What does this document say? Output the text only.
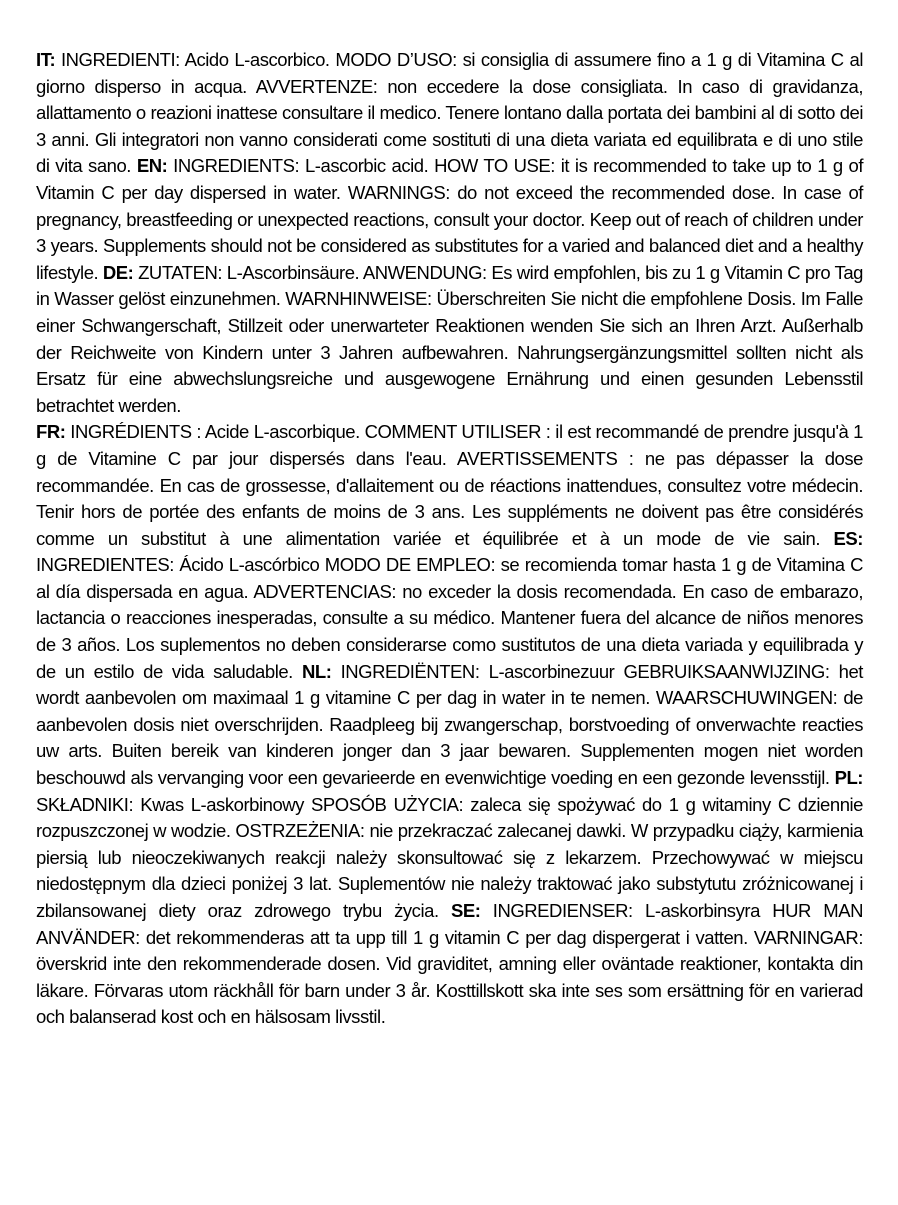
IT: INGREDIENTI: Acido L-ascorbico. MODO D’USO: si consiglia di assumere fino a 1 g di Vitamina C al giorno disperso in acqua. AVVERTENZE: non eccedere la dose consigliata. In caso di gravidanza, allattamento o reazioni inattese consultare il medico. Tenere lontano dalla portata dei bambini al di sotto dei 3 anni. Gli integratori non vanno considerati come sostituti di una dieta variata ed equilibrata e di uno stile di vita sano. EN: INGREDIENTS: L-ascorbic acid. HOW TO USE: it is recommended to take up to 1 g of Vitamin C per day dispersed in water. WARNINGS: do not exceed the recommended dose. In case of pregnancy, breastfeeding or unexpected reactions, consult your doctor. Keep out of reach of children under 3 years. Supplements should not be considered as substitutes for a varied and balanced diet and a healthy lifestyle. DE: ZUTATEN: L-Ascorbinsäure. ANWENDUNG: Es wird empfohlen, bis zu 1 g Vitamin C pro Tag in Wasser gelöst einzunehmen. WARNHINWEISE: Überschreiten Sie nicht die empfohlene Dosis. Im Falle einer Schwangerschaft, Stillzeit oder unerwarteter Reaktionen wenden Sie sich an Ihren Arzt. Außerhalb der Reichweite von Kindern unter 3 Jahren aufbewahren. Nahrungsergänzungsmittel sollten nicht als Ersatz für eine abwechslungsreiche und ausgewogene Ernährung und einen gesunden Lebensstil betrachtet werden.

FR: INGRÉDIENTS : Acide L-ascorbique. COMMENT UTILISER : il est recommandé de prendre jusqu'à 1 g de Vitamine C par jour dispersés dans l'eau. AVERTISSEMENTS : ne pas dépasser la dose recommandée. En cas de grossesse, d'allaitement ou de réactions inattendues, consultez votre médecin. Tenir hors de portée des enfants de moins de 3 ans. Les suppléments ne doivent pas être considérés comme un substitut à une alimentation variée et équilibrée et à un mode de vie sain. ES: INGREDIENTES: Ácido L-ascórbico MODO DE EMPLEO: se recomienda tomar hasta 1 g de Vitamina C al día dispersada en agua. ADVERTENCIAS: no exceder la dosis recomendada. En caso de embarazo, lactancia o reacciones inesperadas, consulte a su médico. Mantener fuera del alcance de niños menores de 3 años. Los suplementos no deben considerarse como sustitutos de una dieta variada y equilibrada y de un estilo de vida saludable. NL: INGREDIËNTEN: L-ascorbinezuur GEBRUIKSAANWIJZING: het wordt aanbevolen om maximaal 1 g vitamine C per dag in water in te nemen. WAARSCHUWINGEN: de aanbevolen dosis niet overschrijden. Raadpleeg bij zwangerschap, borstvoeding of onverwachte reacties uw arts. Buiten bereik van kinderen jonger dan 3 jaar bewaren. Supplementen mogen niet worden beschouwd als vervanging voor een gevarieerde en evenwichtige voeding en een gezonde levensstijl. PL: SKŁADNIKI: Kwas L-askorbinowy SPOSÓB UŻYCIA: zaleca się spożywać do 1 g witaminy C dziennie rozpuszczonej w wodzie. OSTRZEŻENIA: nie przekraczać zalecanej dawki. W przypadku ciąży, karmienia piersią lub nieoczekiwanych reakcji należy skonsultować się z lekarzem. Przechowywać w miejscu niedostępnym dla dzieci poniżej 3 lat. Suplementów nie należy traktować jako substytutu zróżnicowanej i zbilansowanej diety oraz zdrowego trybu życia. SE: INGREDIENSER: L-askorbinsyra HUR MAN ANVÄNDER: det rekommenderas att ta upp till 1 g vitamin C per dag dispergerat i vatten. VARNINGAR: överskrid inte den rekommenderade dosen. Vid graviditet, amning eller oväntade reaktioner, kontakta din läkare. Förvaras utom räckhåll för barn under 3 år. Kosttillskott ska inte ses som ersättning för en varierad och balanserad kost och en hälsosam livsstil.
